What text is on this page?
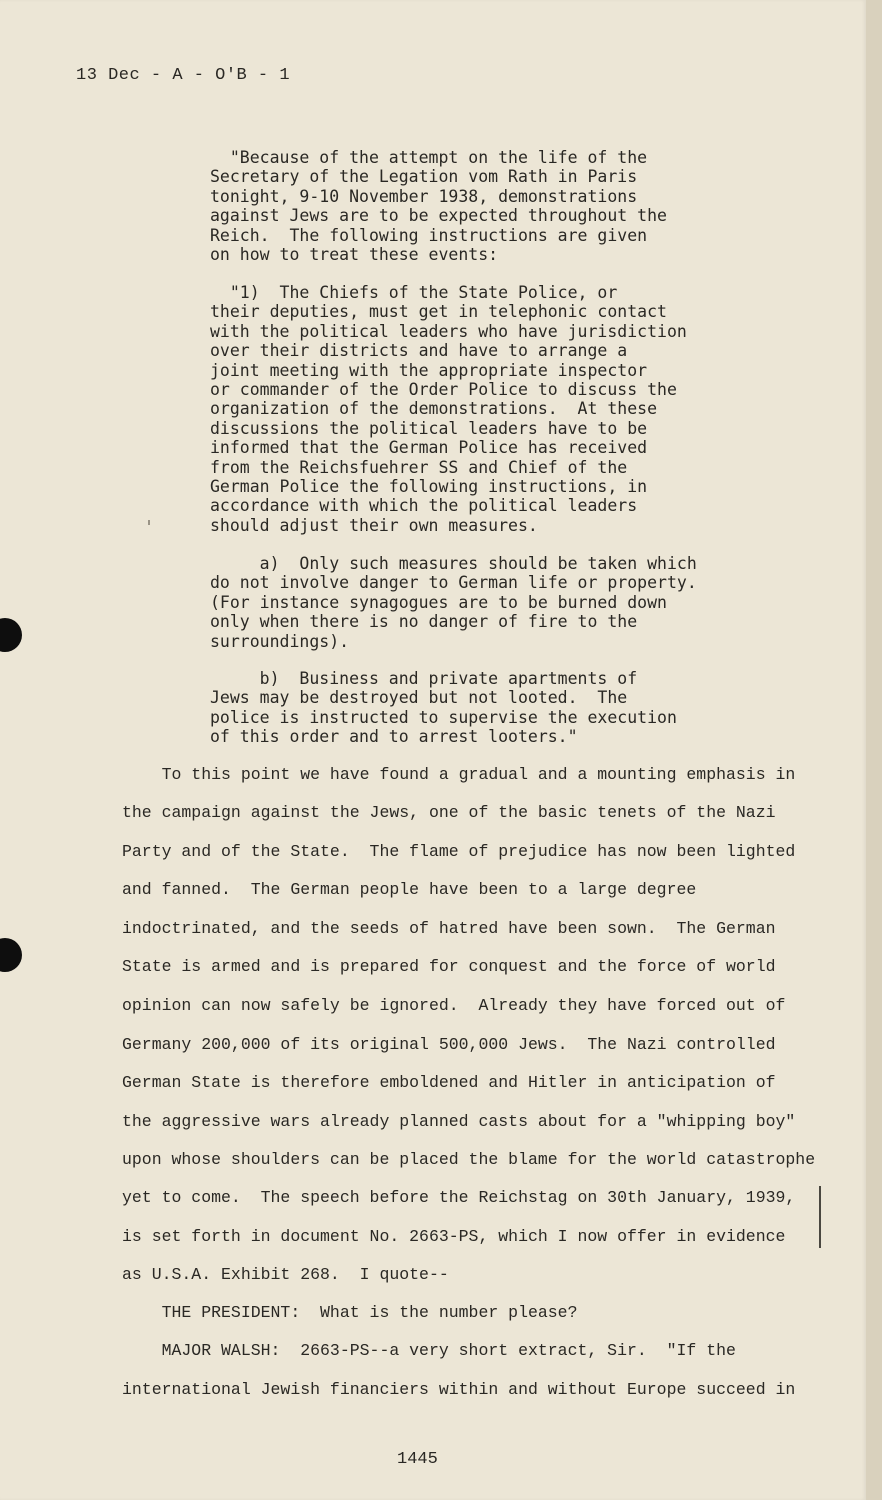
13 Dec - A - O'B - 1
"Because of the attempt on the life of the
Secretary of the Legation vom Rath in Paris
tonight, 9-10 November 1938, demonstrations
against Jews are to be expected throughout the
Reich.  The following instructions are given
on how to treat these events:
"1)  The Chiefs of the State Police, or
their deputies, must get in telephonic contact
with the political leaders who have jurisdiction
over their districts and have to arrange a
joint meeting with the appropriate inspector
or commander of the Order Police to discuss the
organization of the demonstrations.  At these
discussions the political leaders have to be
informed that the German Police has received
from the Reichsfuehrer SS and Chief of the
German Police the following instructions, in
accordance with which the political leaders
should adjust their own measures.
a)  Only such measures should be taken which
do not involve danger to German life or property.
(For instance synagogues are to be burned down
only when there is no danger of fire to the
surroundings).
b)  Business and private apartments of
Jews may be destroyed but not looted.  The
police is instructed to supervise the execution
of this order and to arrest looters."
To this point we have found a gradual and a mounting emphasis in
the campaign against the Jews, one of the basic tenets of the Nazi
Party and of the State.  The flame of prejudice has now been lighted
and fanned.  The German people have been to a large degree
indoctrinated, and the seeds of hatred have been sown.  The German
State is armed and is prepared for conquest and the force of world
opinion can now safely be ignored.  Already they have forced out of
Germany 200,000 of its original 500,000 Jews.  The Nazi controlled
German State is therefore emboldened and Hitler in anticipation of
the aggressive wars already planned casts about for a "whipping boy"
upon whose shoulders can be placed the blame for the world catastrophe
yet to come.  The speech before the Reichstag on 30th January, 1939,
is set forth in document No. 2663-PS, which I now offer in evidence
as U.S.A. Exhibit 268.  I quote--
THE PRESIDENT:  What is the number please?
MAJOR WALSH:  2663-PS--a very short extract, Sir.  "If the
international Jewish financiers within and without Europe succeed in
1445
